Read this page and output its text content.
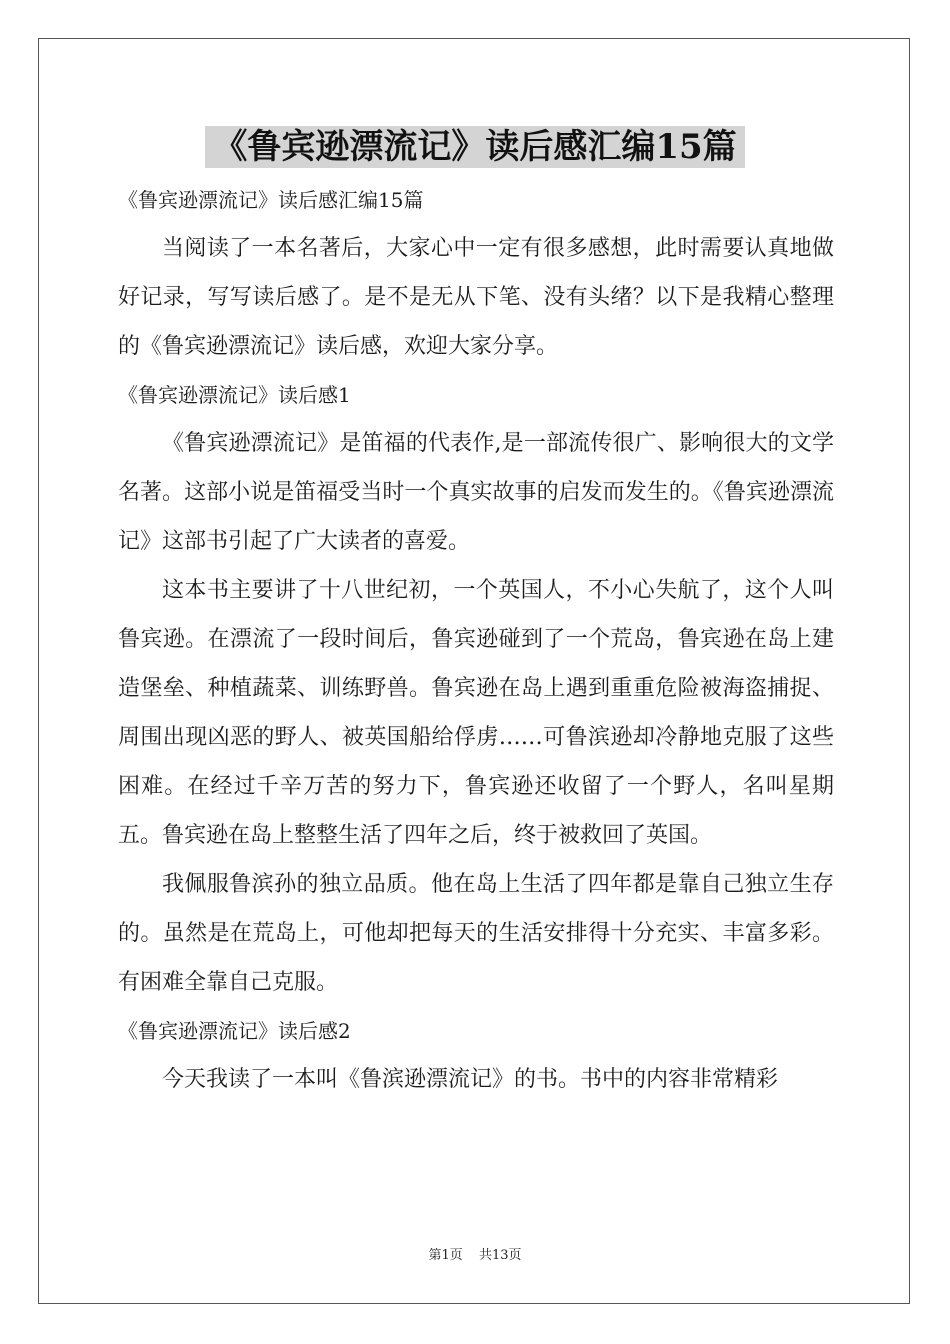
《鲁宾逊漂流记》读后感汇编15篇

《鲁宾逊漂流记》读后感汇编15篇

当阅读了一本名著后，大家心中一定有很多感想，此时需要认真地做好记录，写写读后感了。是不是无从下笔、没有头绪？以下是我精心整理的《鲁宾逊漂流记》读后感，欢迎大家分享。

《鲁宾逊漂流记》读后感1

《鲁宾逊漂流记》是笛福的代表作,是一部流传很广、影响很大的文学名著。这部小说是笛福受当时一个真实故事的启发而发生的。《鲁宾逊漂流记》这部书引起了广大读者的喜爱。

这本书主要讲了十八世纪初，一个英国人，不小心失航了，这个人叫鲁宾逊。在漂流了一段时间后，鲁宾逊碰到了一个荒岛，鲁宾逊在岛上建造堡垒、种植蔬菜、训练野兽。鲁宾逊在岛上遇到重重危险被海盗捕捉、周围出现凶恶的野人、被英国船给俘虏……可鲁滨逊却冷静地克服了这些困难。在经过千辛万苦的努力下，鲁宾逊还收留了一个野人，名叫星期五。鲁宾逊在岛上整整生活了四年之后，终于被救回了英国。

我佩服鲁滨孙的独立品质。他在岛上生活了四年都是靠自己独立生存的。虽然是在荒岛上，可他却把每天的生活安排得十分充实、丰富多彩。有困难全靠自己克服。

《鲁宾逊漂流记》读后感2

今天我读了一本叫《鲁滨逊漂流记》的书。书中的内容非常精彩

第1页 共13页
